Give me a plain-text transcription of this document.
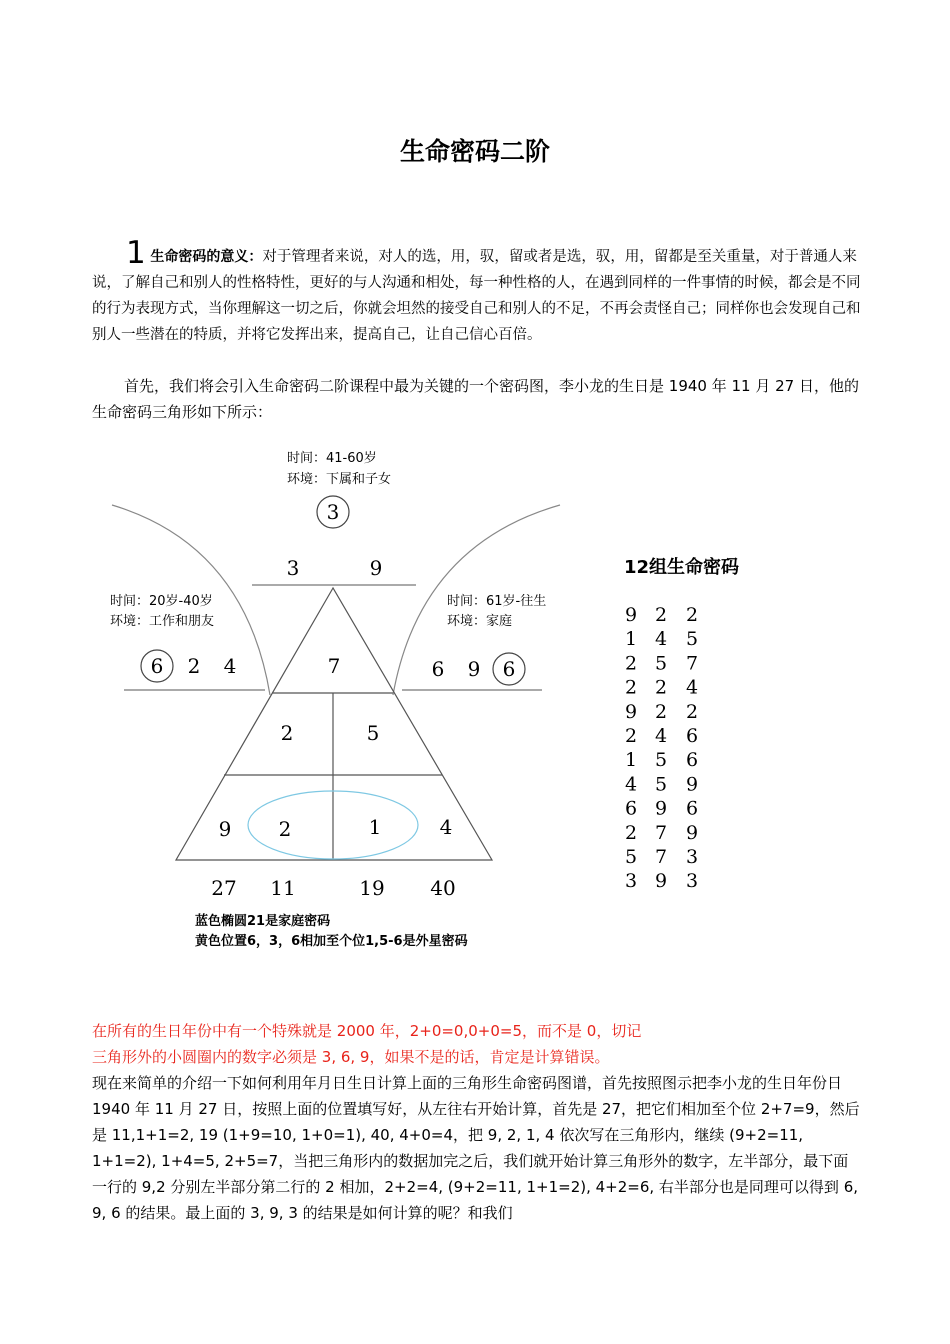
生命密码二阶
1 生命密码的意义：对于管理者来说，对人的选，用，驭，留或者是选，驭，用，留都是至关重量，对于普通人来说，了解自己和别人的性格特性，更好的与人沟通和相处，每一种性格的人，在遇到同样的一件事情的时候，都会是不同的行为表现方式，当你理解这一切之后，你就会坦然的接受自己和别人的不足，不再会责怪自己；同样你也会发现自己和别人一些潜在的特质，并将它发挥出来，提高自己，让自己信心百倍。
首先，我们将会引入生命密码二阶课程中最为关键的一个密码图，李小龙的生日是 1940 年 11 月 27 日，他的生命密码三角形如下所示：
时间：41-60岁
环境：下属和子女
3
3	9
时间：20岁-40岁
环境：工作和朋友
6 2 4
时间：61岁-往生
环境：家庭
6 9 6
7
2	5
9 2	1	4
27 11	19 40
蓝色椭圆21是家庭密码
黄色位置6，3，6相加至个位1,5-6是外星密码
12组生命密码
9 2 2
1 4 5
2 5 7
2 2 4
9 2 2
2 4 6
1 5 6
4 5 9
6 9 6
2 7 9
5 7 3
3 9 3
在所有的生日年份中有一个特殊就是 2000 年，2+0=0,0+0=5，而不是 0，切记
三角形外的小圆圈内的数字必须是 3, 6, 9，如果不是的话，肯定是计算错误。
现在来简单的介绍一下如何利用年月日生日计算上面的三角形生命密码图谱，首先按照图示把李小龙的生日年份日 1940 年 11 月 27 日，按照上面的位置填写好，从左往右开始计算，首先是 27，把它们相加至个位 2+7=9，然后是 11,1+1=2, 19 (1+9=10, 1+0=1), 40, 4+0=4，把 9, 2, 1, 4 依次写在三角形内，继续 (9+2=11, 1+1=2), 1+4=5, 2+5=7，当把三角形内的数据加完之后，我们就开始计算三角形外的数字，左半部分，最下面一行的 9,2 分别左半部分第二行的 2 相加，2+2=4, (9+2=11, 1+1=2), 4+2=6, 右半部分也是同理可以得到 6, 9, 6 的结果。最上面的 3, 9, 3 的结果是如何计算的呢？和我们
